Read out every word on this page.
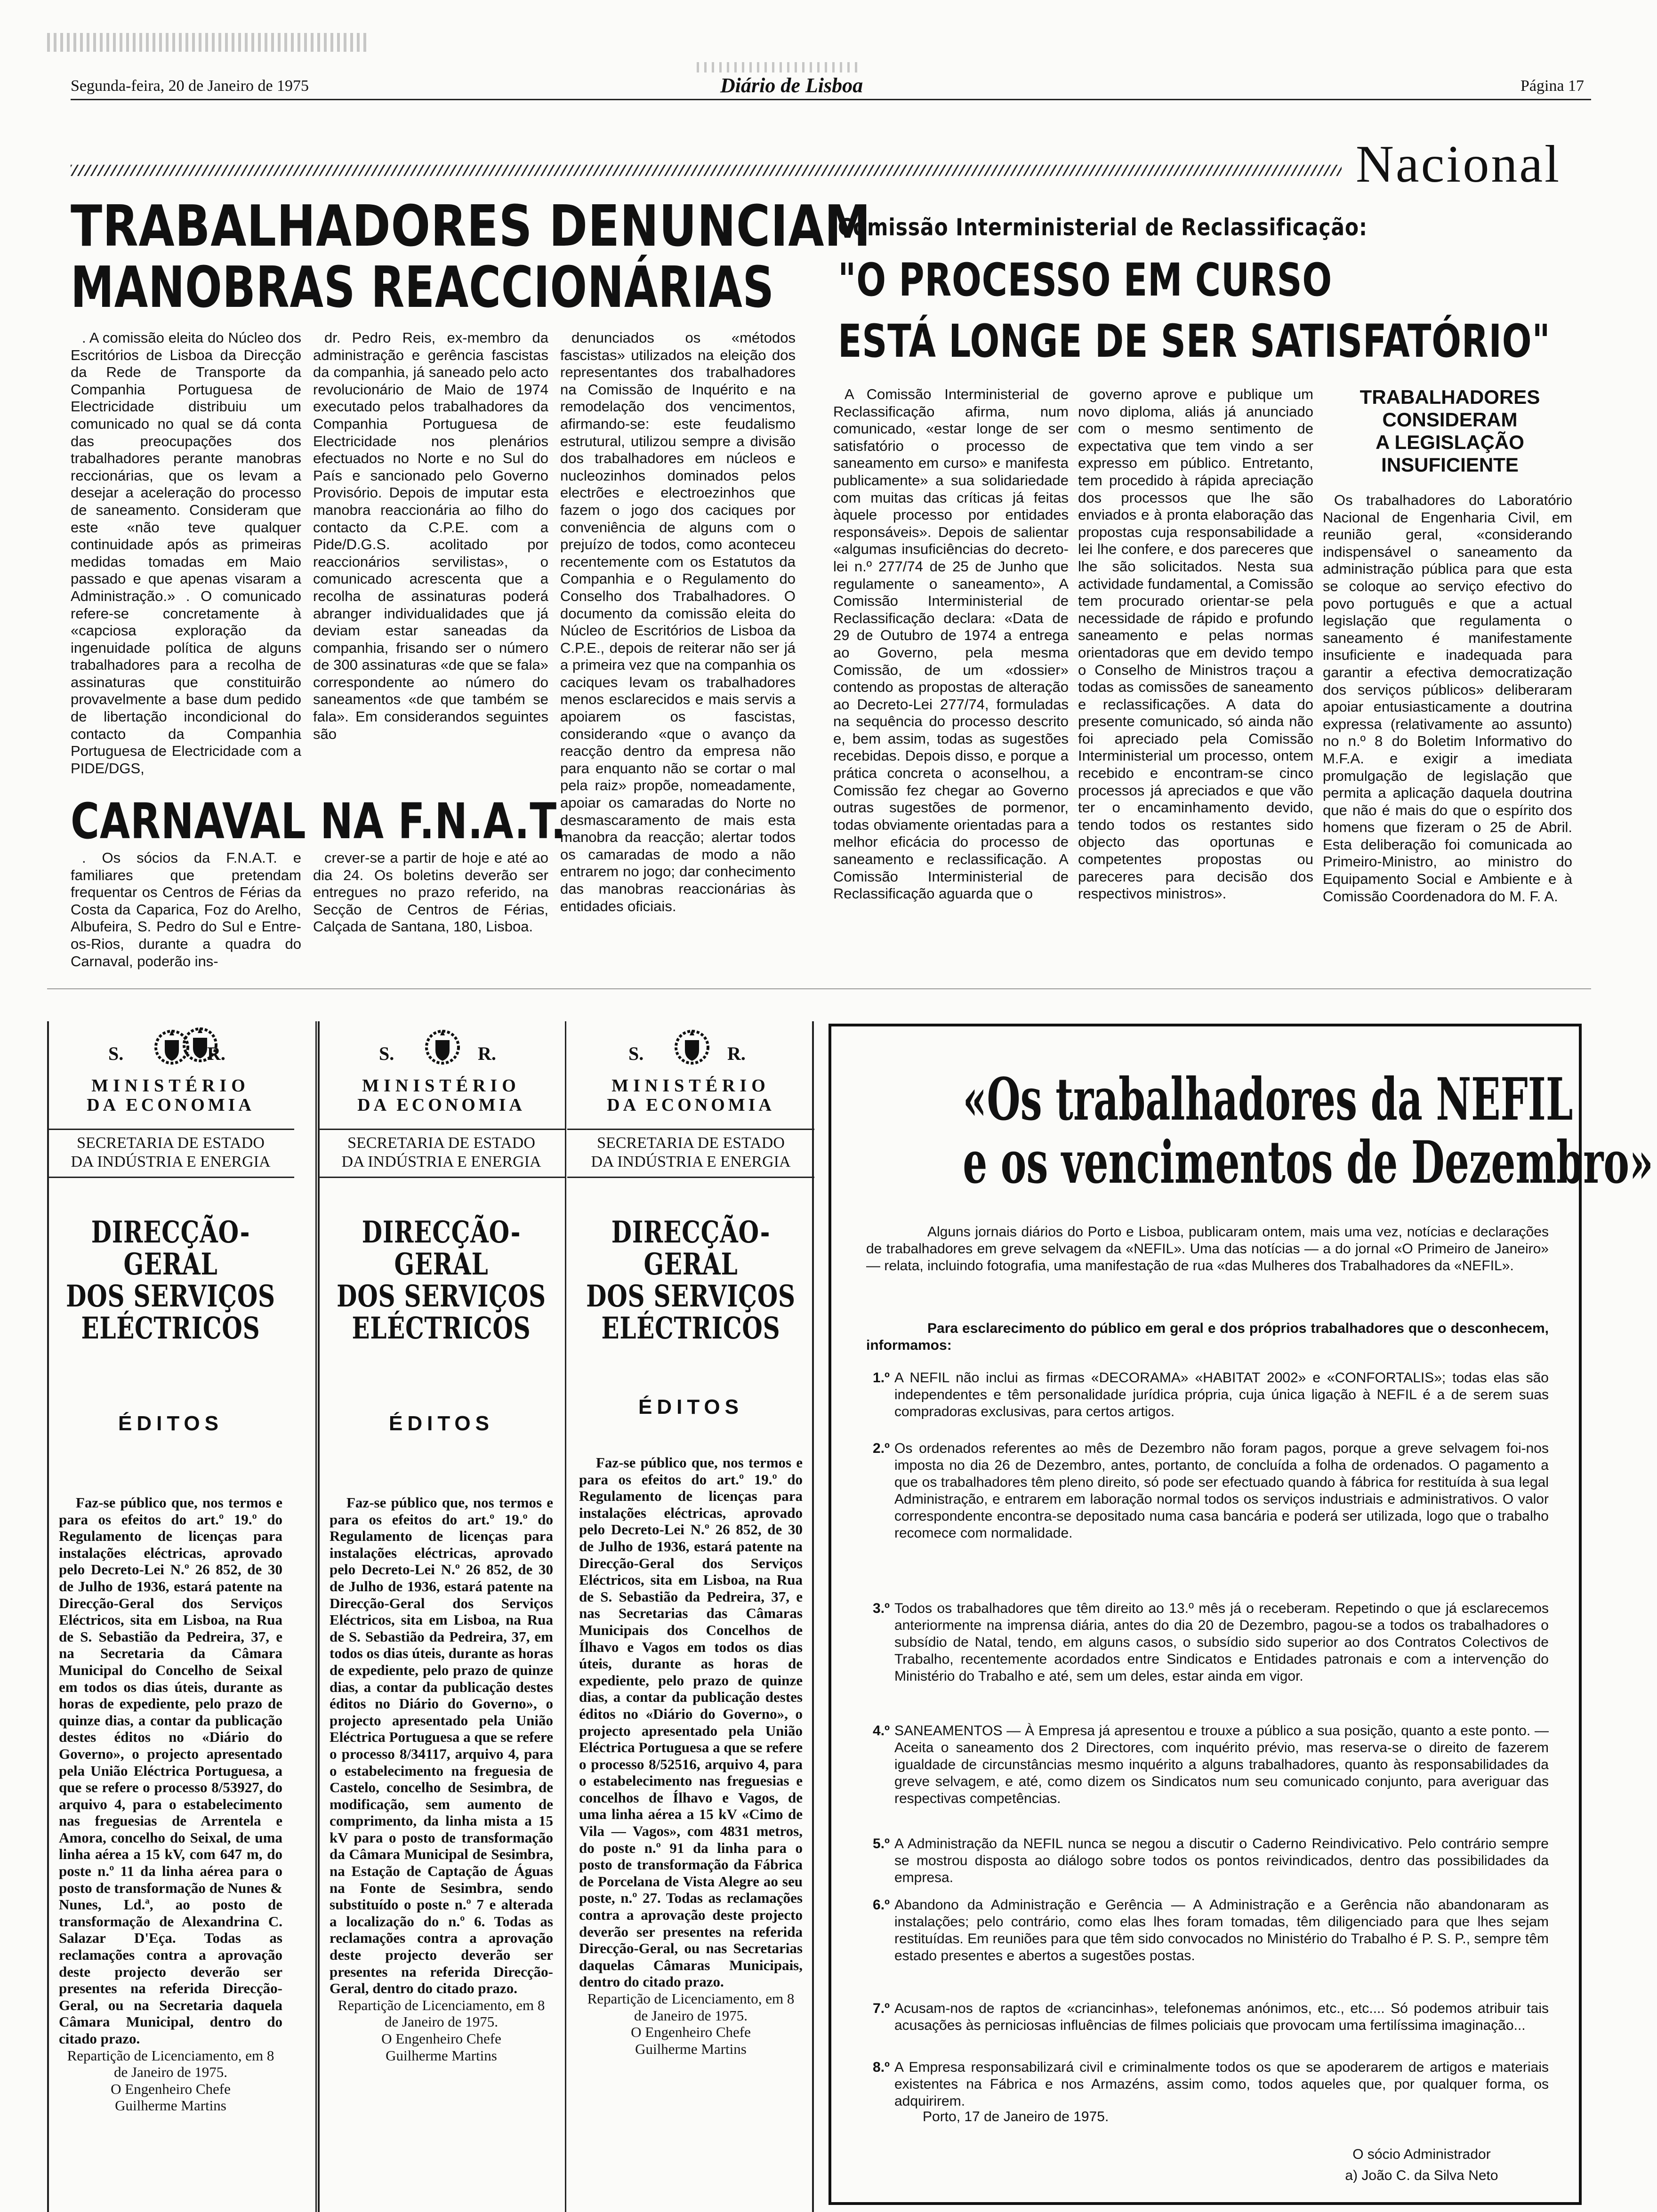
Segunda-feira, 20 de Janeiro de 1975	Diário de Lisboa	Página 17
Nacional
TRABALHADORES DENUNCIAM
MANOBRAS REACCIONÁRIAS

. A comissão eleita do Núcleo dos Escritórios de Lisboa da Direcção da Rede de Transporte da Companhia Portuguesa de Electricidade distribuiu um comunicado no qual se dá conta das preocupações dos trabalhadores perante manobras reccionárias, que os levam a desejar a aceleração do processo de saneamento. Consideram que este «não teve qualquer continuidade após as primeiras medidas tomadas em Maio passado e que apenas visaram a Administração.» . O comunicado refere-se concretamente à «capciosa exploração da ingenuidade política de alguns trabalhadores para a recolha de assinaturas que constituirão provavelmente a base dum pedido de libertação incondicional do contacto da Companhia Portuguesa de Electricidade com a PIDE/DGS,

dr. Pedro Reis, ex-membro da administração e gerência fascistas da companhia, já saneado pelo acto revolucionário de Maio de 1974 executado pelos trabalhadores da Companhia Portuguesa de Electricidade nos plenários efectuados no Norte e no Sul do País e sancionado pelo Governo Provisório. Depois de imputar esta manobra reaccionária ao filho do contacto da C.P.E. com a Pide/D.G.S. acolitado por reaccionários servilistas», o comunicado acrescenta que a recolha de assinaturas poderá abranger individualidades que já deviam estar saneadas da companhia, frisando ser o número de 300 assinaturas «de que se fala» correspondente ao número do saneamentos «de que também se fala». Em considerandos seguintes são

denunciados os «métodos fascistas» utilizados na eleição dos representantes dos trabalhadores na Comissão de Inquérito e na remodelação dos vencimentos, afirmando-se: este feudalismo estrutural, utilizou sempre a divisão dos trabalhadores em núcleos e nucleozinhos dominados pelos electrões e electroezinhos que fazem o jogo dos caciques por conveniência de alguns com o prejuízo de todos, como aconteceu recentemente com os Estatutos da Companhia e o Regulamento do Conselho dos Trabalhadores. O documento da comissão eleita do Núcleo de Escritórios de Lisboa da C.P.E., depois de reiterar não ser já a primeira vez que na companhia os caciques levam os trabalhadores menos esclarecidos e mais servis a apoiarem os fascistas, considerando «que o avanço da reacção dentro da empresa não para enquanto não se cortar o mal pela raiz» propõe, nomeadamente, apoiar os camaradas do Norte no desmascaramento de mais esta manobra da reacção; alertar todos os camaradas de modo a não entrarem no jogo; dar conhecimento das manobras reaccionárias às entidades oficiais.

CARNAVAL NA F.N.A.T.

. Os sócios da F.N.A.T. e familiares que pretendam frequentar os Centros de Férias da Costa da Caparica, Foz do Arelho, Albufeira, S. Pedro do Sul e Entre-os-Rios, durante a quadra do Carnaval, poderão ins-

crever-se a partir de hoje e até ao dia 24. Os boletins deverão ser entregues no prazo referido, na Secção de Centros de Férias, Calçada de Santana, 180, Lisboa.

Comissão Interministerial de Reclassificação:
"O PROCESSO EM CURSO
ESTÁ LONGE DE SER SATISFATÓRIO"

A Comissão Interministerial de Reclassificação afirma, num comunicado, «estar longe de ser satisfatório o processo de saneamento em curso» e manifesta publicamente» a sua solidariedade com muitas das críticas já feitas àquele processo por entidades responsáveis». Depois de salientar «algumas insuficiências do decreto-lei n.º 277/74 de 25 de Junho que regulamente o saneamento», A Comissão Interministerial de Reclassificação declara: «Data de 29 de Outubro de 1974 a entrega ao Governo, pela mesma Comissão, de um «dossier» contendo as propostas de alteração ao Decreto-Lei 277/74, formuladas na sequência do processo descrito e, bem assim, todas as sugestões recebidas. Depois disso, e porque a prática concreta o aconselhou, a Comissão fez chegar ao Governo outras sugestões de pormenor, todas obviamente orientadas para a melhor eficácia do processo de saneamento e reclassificação. A Comissão Interministerial de Reclassificação aguarda que o

governo aprove e publique um novo diploma, aliás já anunciado com o mesmo sentimento de expectativa que tem vindo a ser expresso em público. Entretanto, tem procedido à rápida apreciação dos processos que lhe são enviados e à pronta elaboração das propostas cuja responsabilidade a lei lhe confere, e dos pareceres que lhe são solicitados. Nesta sua actividade fundamental, a Comissão tem procurado orientar-se pela necessidade de rápido e profundo saneamento e pelas normas orientadoras que em devido tempo o Conselho de Ministros traçou a todas as comissões de saneamento e reclassificações. A data do presente comunicado, só ainda não foi apreciado pela Comissão Interministerial um processo, ontem recebido e encontram-se cinco processos já apreciados e que vão ter o encaminhamento devido, tendo todos os restantes sido objecto das oportunas e competentes propostas ou pareceres para decisão dos respectivos ministros».

TRABALHADORES
CONSIDERAM
A LEGISLAÇÃO
INSUFICIENTE

Os trabalhadores do Laboratório Nacional de Engenharia Civil, em reunião geral, «considerando indispensável o saneamento da administração pública para que esta se coloque ao serviço efectivo do povo português e que a actual legislação que regulamenta o saneamento é manifestamente insuficiente e inadequada para garantir a efectiva democratização dos serviços públicos» deliberaram apoiar entusiasticamente a doutrina expressa (relativamente ao assunto) no n.º 8 do Boletim Informativo do M.F.A. e exigir a imediata promulgação de legislação que permita a aplicação daquela doutrina que não é mais do que o espírito dos homens que fizeram o 25 de Abril. Esta deliberação foi comunicada ao Primeiro-Ministro, ao ministro do Equipamento Social e Ambiente e à Comissão Coordenadora do M. F. A.

S.	R.
MINISTÉRIO
DA ECONOMIA
SECRETARIA DE ESTADO
DA INDÚSTRIA E ENERGIA
DIRECÇÃO-GERAL
DOS SERVIÇOS
ELÉCTRICOS
ÉDITOS

Faz-se público que, nos termos e para os efeitos do art.º 19.º do Regulamento de licenças para instalações eléctricas, aprovado pelo Decreto-Lei N.º 26 852, de 30 de Julho de 1936, estará patente na Direcção-Geral dos Serviços Eléctricos, sita em Lisboa, na Rua de S. Sebastião da Pedreira, 37, e na Secretaria da Câmara Municipal do Concelho de Seixal em todos os dias úteis, durante as horas de expediente, pelo prazo de quinze dias, a contar da publicação destes éditos no «Diário do Governo», o projecto apresentado pela União Eléctrica Portuguesa, a que se refere o processo 8/53927, do arquivo 4, para o estabelecimento nas freguesias de Arrentela e Amora, concelho do Seixal, de uma linha aérea a 15 kV, com 647 m, do poste n.º 11 da linha aérea para o posto de transformação de Nunes & Nunes, Ld.ª, ao posto de transformação de Alexandrina C. Salazar D'Eça. Todas as reclamações contra a aprovação deste projecto deverão ser presentes na referida Direcção-Geral, ou na Secretaria daquela Câmara Municipal, dentro do citado prazo.

Repartição de Licenciamento, em 8 de Janeiro de 1975.

O Engenheiro Chefe

Guilherme Martins

S.	R.
MINISTÉRIO
DA ECONOMIA
SECRETARIA DE ESTADO
DA INDÚSTRIA E ENERGIA
DIRECÇÃO-GERAL
DOS SERVIÇOS
ELÉCTRICOS
ÉDITOS

Faz-se público que, nos termos e para os efeitos do art.º 19.º do Regulamento de licenças para instalações eléctricas, aprovado pelo Decreto-Lei N.º 26 852, de 30 de Julho de 1936, estará patente na Direcção-Geral dos Serviços Eléctricos, sita em Lisboa, na Rua de S. Sebastião da Pedreira, 37, em todos os dias úteis, durante as horas de expediente, pelo prazo de quinze dias, a contar da publicação destes éditos no Diário do Governo», o projecto apresentado pela União Eléctrica Portuguesa a que se refere o processo 8/34117, arquivo 4, para o estabelecimento na freguesia de Castelo, concelho de Sesimbra, de modificação, sem aumento de comprimento, da linha mista a 15 kV para o posto de transformação da Câmara Municipal de Sesimbra, na Estação de Captação de Águas na Fonte de Sesimbra, sendo substituído o poste n.º 7 e alterada a localização do n.º 6. Todas as reclamações contra a aprovação deste projecto deverão ser presentes na referida Direcção-Geral, dentro do citado prazo.

Repartição de Licenciamento, em 8 de Janeiro de 1975.

O Engenheiro Chefe

Guilherme Martins

S.	R.
MINISTÉRIO
DA ECONOMIA
SECRETARIA DE ESTADO
DA INDÚSTRIA E ENERGIA
DIRECÇÃO-GERAL
DOS SERVIÇOS
ELÉCTRICOS
ÉDITOS

Faz-se público que, nos termos e para os efeitos do art.º 19.º do Regulamento de licenças para instalações eléctricas, aprovado pelo Decreto-Lei N.º 26 852, de 30 de Julho de 1936, estará patente na Direcção-Geral dos Serviços Eléctricos, sita em Lisboa, na Rua de S. Sebastião da Pedreira, 37, e nas Secretarias das Câmaras Municipais dos Concelhos de Ílhavo e Vagos em todos os dias úteis, durante as horas de expediente, pelo prazo de quinze dias, a contar da publicação destes éditos no «Diário do Governo», o projecto apresentado pela União Eléctrica Portuguesa a que se refere o processo 8/52516, arquivo 4, para o estabelecimento nas freguesias e concelhos de Ílhavo e Vagos, de uma linha aérea a 15 kV «Cimo de Vila — Vagos», com 4831 metros, do poste n.º 91 da linha para o posto de transformação da Fábrica de Porcelana de Vista Alegre ao seu poste, n.º 27. Todas as reclamações contra a aprovação deste projecto deverão ser presentes na referida Direcção-Geral, ou nas Secretarias daquelas Câmaras Municipais, dentro do citado prazo.

Repartição de Licenciamento, em 8 de Janeiro de 1975.

O Engenheiro Chefe

Guilherme Martins

«Os trabalhadores da NEFIL
e os vencimentos de Dezembro»
Alguns jornais diários do Porto e Lisboa, publicaram ontem, mais uma vez, notícias e declarações de trabalhadores em greve selvagem da «NEFIL». Uma das notícias — a do jornal «O Primeiro de Janeiro» — relata, incluindo fotografia, uma manifestação de rua «das Mulheres dos Trabalhadores da «NEFIL».
Para esclarecimento do público em geral e dos próprios trabalhadores que o desconhecem, informamos:
1.º A NEFIL não inclui as firmas «DECORAMA» «HABITAT 2002» e «CONFORTALIS»; todas elas são independentes e têm personalidade jurídica própria, cuja única ligação à NEFIL é a de serem suas compradoras exclusivas, para certos artigos.
2.º Os ordenados referentes ao mês de Dezembro não foram pagos, porque a greve selvagem foi-nos imposta no dia 26 de Dezembro, antes, portanto, de concluída a folha de ordenados. O pagamento a que os trabalhadores têm pleno direito, só pode ser efectuado quando à fábrica for restituída à sua legal Administração, e entrarem em laboração normal todos os serviços industriais e administrativos. O valor correspondente encontra-se depositado numa casa bancária e poderá ser utilizada, logo que o trabalho recomece com normalidade.
3.º Todos os trabalhadores que têm direito ao 13.º mês já o receberam. Repetindo o que já esclarecemos anteriormente na imprensa diária, antes do dia 20 de Dezembro, pagou-se a todos os trabalhadores o subsídio de Natal, tendo, em alguns casos, o subsídio sido superior ao dos Contratos Colectivos de Trabalho, recentemente acordados entre Sindicatos e Entidades patronais e com a intervenção do Ministério do Trabalho e até, sem um deles, estar ainda em vigor.
4.º SANEAMENTOS — À Empresa já apresentou e trouxe a público a sua posição, quanto a este ponto. — Aceita o saneamento dos 2 Directores, com inquérito prévio, mas reserva-se o direito de fazerem igualdade de circunstâncias mesmo inquérito a alguns trabalhadores, quanto às responsabilidades da greve selvagem, e até, como dizem os Sindicatos num seu comunicado conjunto, para averiguar das respectivas competências.
5.º A Administração da NEFIL nunca se negou a discutir o Caderno Reindivicativo. Pelo contrário sempre se mostrou disposta ao diálogo sobre todos os pontos reivindicados, dentro das possibilidades da empresa.
6.º Abandono da Administração e Gerência — A Administração e a Gerência não abandonaram as instalações; pelo contrário, como elas lhes foram tomadas, têm diligenciado para que lhes sejam restituídas. Em reuniões para que têm sido convocados no Ministério do Trabalho é P. S. P., sempre têm estado presentes e abertos a sugestões postas.
7.º Acusam-nos de raptos de «criancinhas», telefonemas anónimos, etc., etc.... Só podemos atribuir tais acusações às perniciosas influências de filmes policiais que provocam uma fertilíssima imaginação...
8.º A Empresa responsabilizará civil e criminalmente todos os que se apoderarem de artigos e materiais existentes na Fábrica e nos Armazéns, assim como, todos aqueles que, por qualquer forma, os adquirirem.
Porto, 17 de Janeiro de 1975.
O sócio Administrador
a) João C. da Silva Neto
